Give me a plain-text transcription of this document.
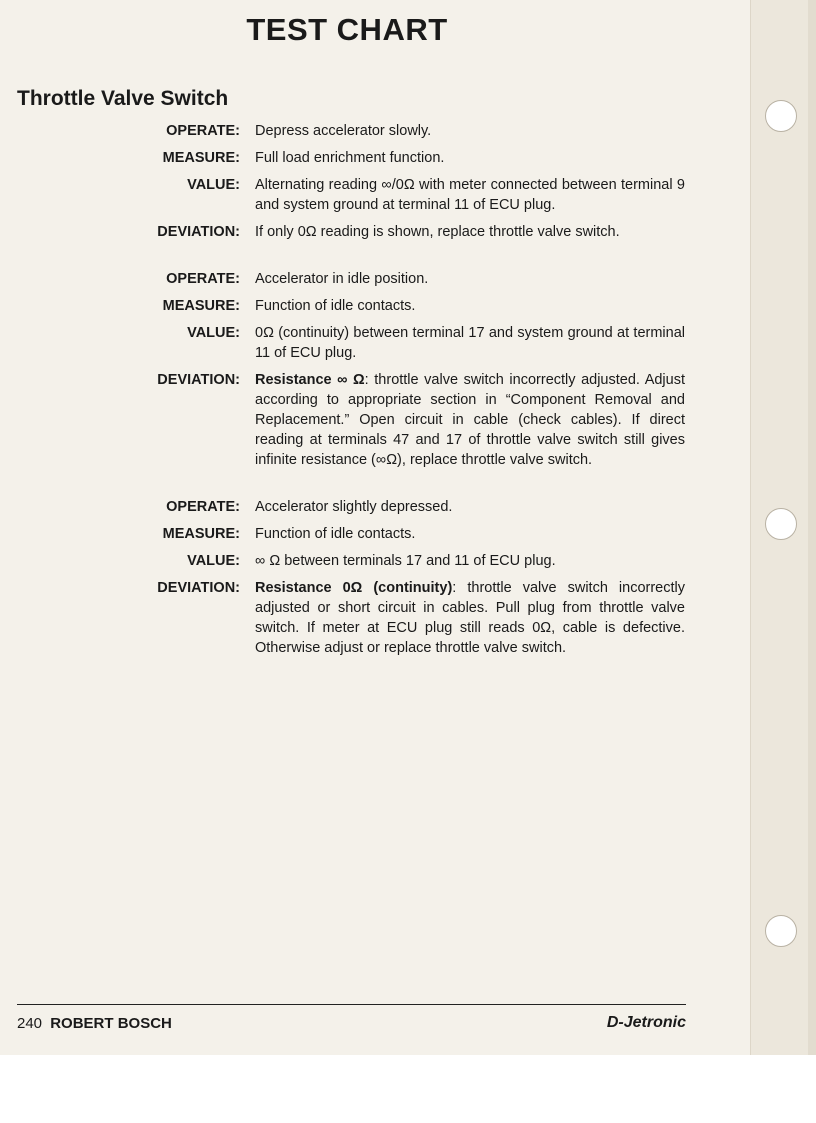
TEST CHART
Throttle Valve Switch
OPERATE: Depress accelerator slowly.
MEASURE: Full load enrichment function.
VALUE: Alternating reading ∞/0Ω with meter connected between terminal 9 and system ground at terminal 11 of ECU plug.
DEVIATION: If only 0Ω reading is shown, replace throttle valve switch.
OPERATE: Accelerator in idle position.
MEASURE: Function of idle contacts.
VALUE: 0Ω (continuity) between terminal 17 and system ground at terminal 11 of ECU plug.
DEVIATION: Resistance ∞ Ω: throttle valve switch incorrectly adjusted. Adjust according to appropriate section in “Component Removal and Replacement.” Open circuit in cable (check cables). If direct reading at terminals 47 and 17 of throttle valve switch still gives infinite resistance (∞Ω), replace throttle valve switch.
OPERATE: Accelerator slightly depressed.
MEASURE: Function of idle contacts.
VALUE: ∞ Ω between terminals 17 and 11 of ECU plug.
DEVIATION: Resistance 0Ω (continuity): throttle valve switch incorrectly adjusted or short circuit in cables. Pull plug from throttle valve switch. If meter at ECU plug still reads 0Ω, cable is defective. Otherwise adjust or replace throttle valve switch.
240 ROBERT BOSCH	D-Jetronic
